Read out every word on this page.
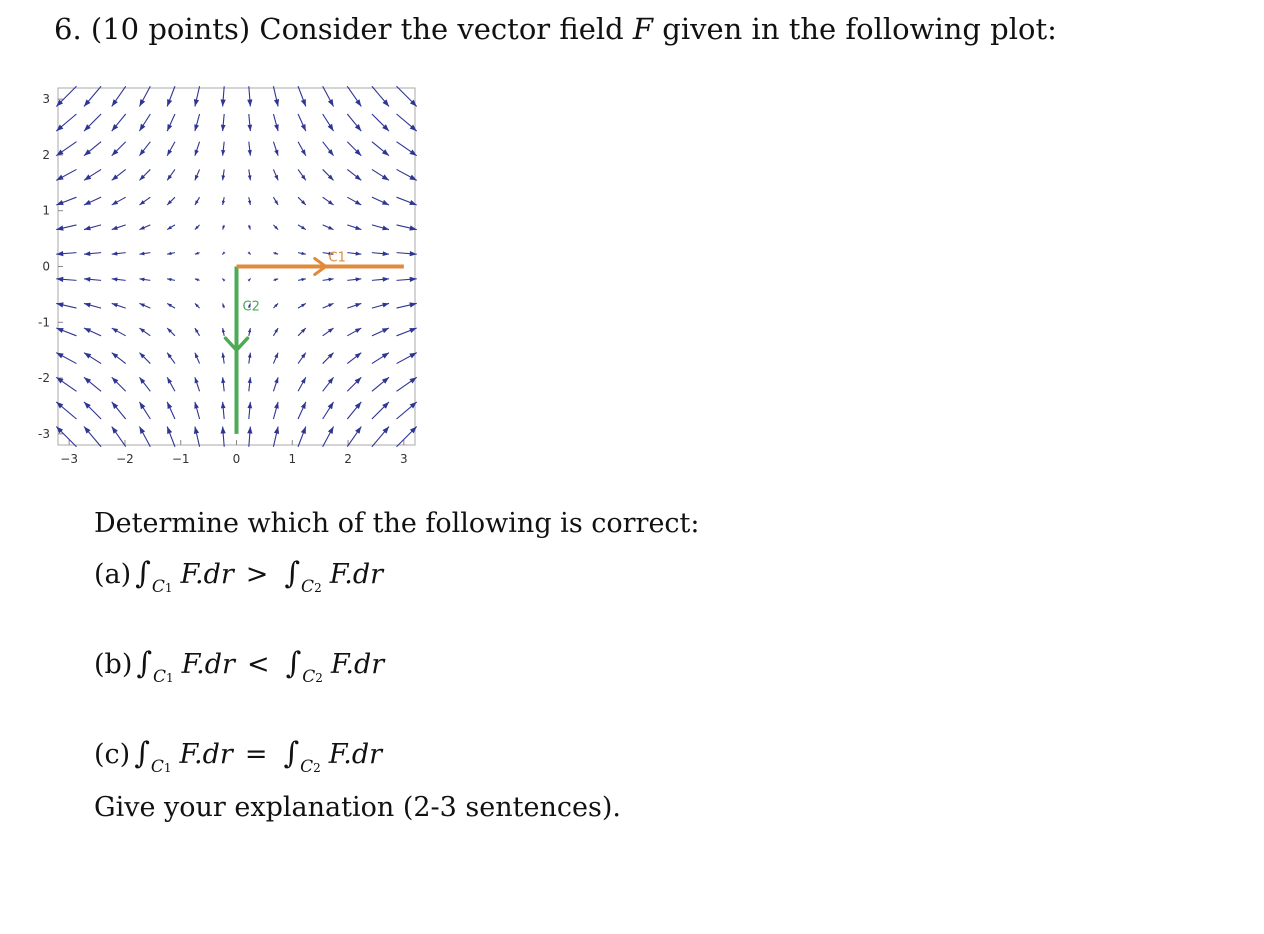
6. (10 points) Consider the vector field F given in the following plot:
C2
C1
−3	−2	−1	0	1	2	3
3
2
1
0
-1
-2
-3
Determine which of the following is correct:
(a) ∫ C1 F.dr > ∫ C2 F.dr
(b) ∫ C1 F.dr < ∫ C2 F.dr
(c) ∫ C1 F.dr = ∫ C2 F.dr
Give your explanation (2-3 sentences).
